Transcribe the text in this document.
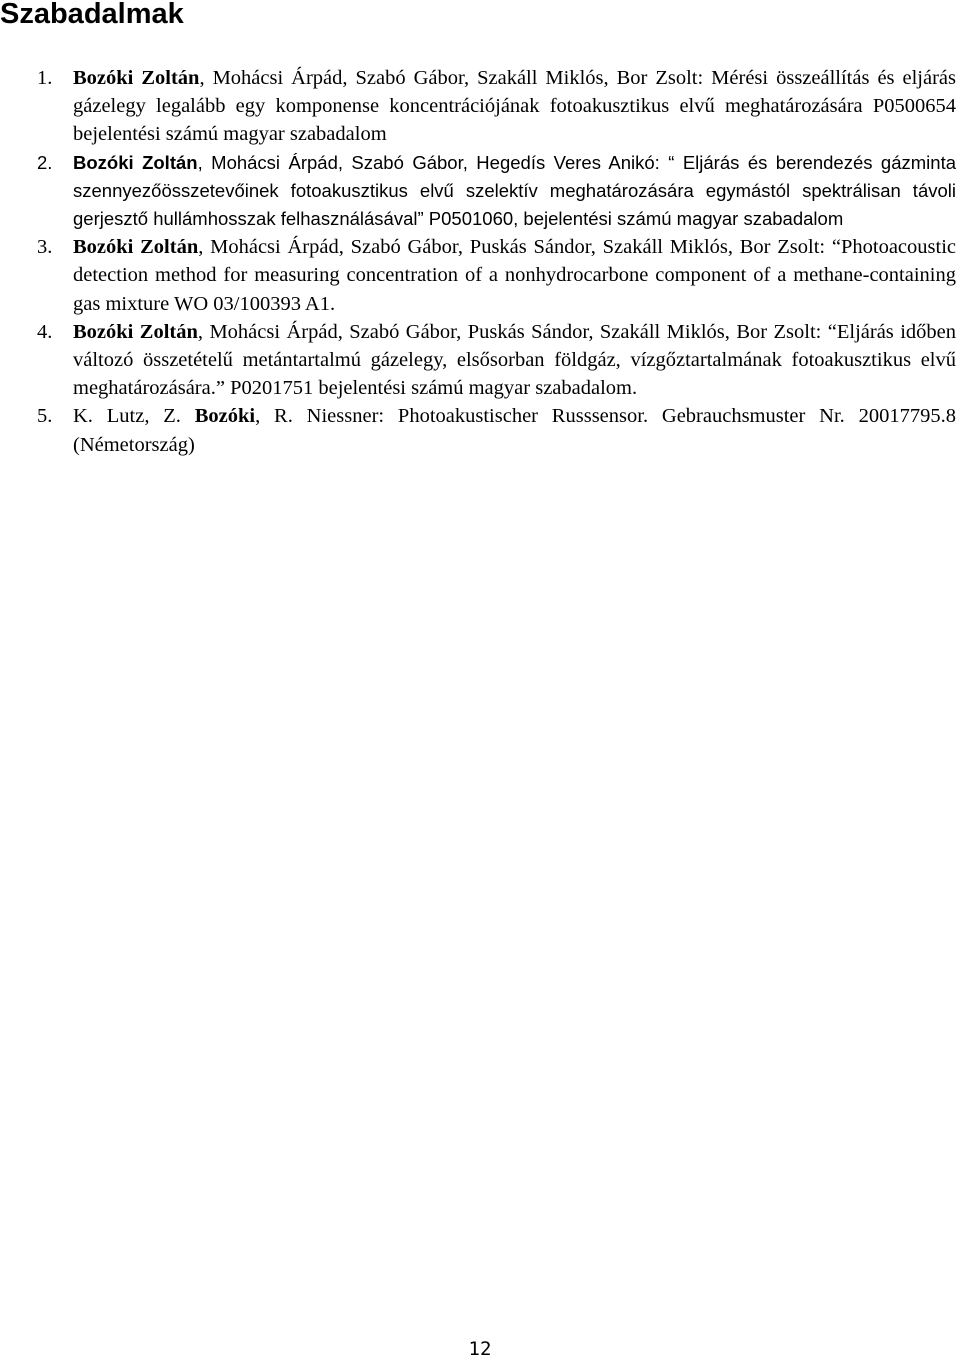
Szabadalmak
1. Bozóki Zoltán, Mohácsi Árpád, Szabó Gábor, Szakáll Miklós, Bor Zsolt: Mérési összeállítás és eljárás gázelegy legalább egy komponense koncentrációjának fotoakusztikus elvű meghatározására P0500654 bejelentési számú magyar szabadalom
2. Bozóki Zoltán, Mohácsi Árpád, Szabó Gábor, Hegedís Veres Anikó: “ Eljárás és berendezés gázminta szennyezőösszetevőinek fotoakusztikus elvű szelektív meghatározására egymástól spektrálisan távoli gerjesztő hullámhosszak felhasználásával” P0501060, bejelentési számú magyar szabadalom
3. Bozóki Zoltán, Mohácsi Árpád, Szabó Gábor, Puskás Sándor, Szakáll Miklós, Bor Zsolt: “Photoacoustic detection method for measuring concentration of a nonhydrocarbone component of a methane-containing gas mixture WO 03/100393 A1.
4. Bozóki Zoltán, Mohácsi Árpád, Szabó Gábor, Puskás Sándor, Szakáll Miklós, Bor Zsolt: “Eljárás időben változó összetételű metántartalmú gázelegy, elsősorban földgáz, vízgőztartalmának fotoakusztikus elvű meghatározására.” P0201751 bejelentési számú magyar szabadalom.
5. K. Lutz, Z. Bozóki, R. Niessner: Photoakustischer Russsensor. Gebrauchsmuster Nr. 20017795.8 (Németország)
12
